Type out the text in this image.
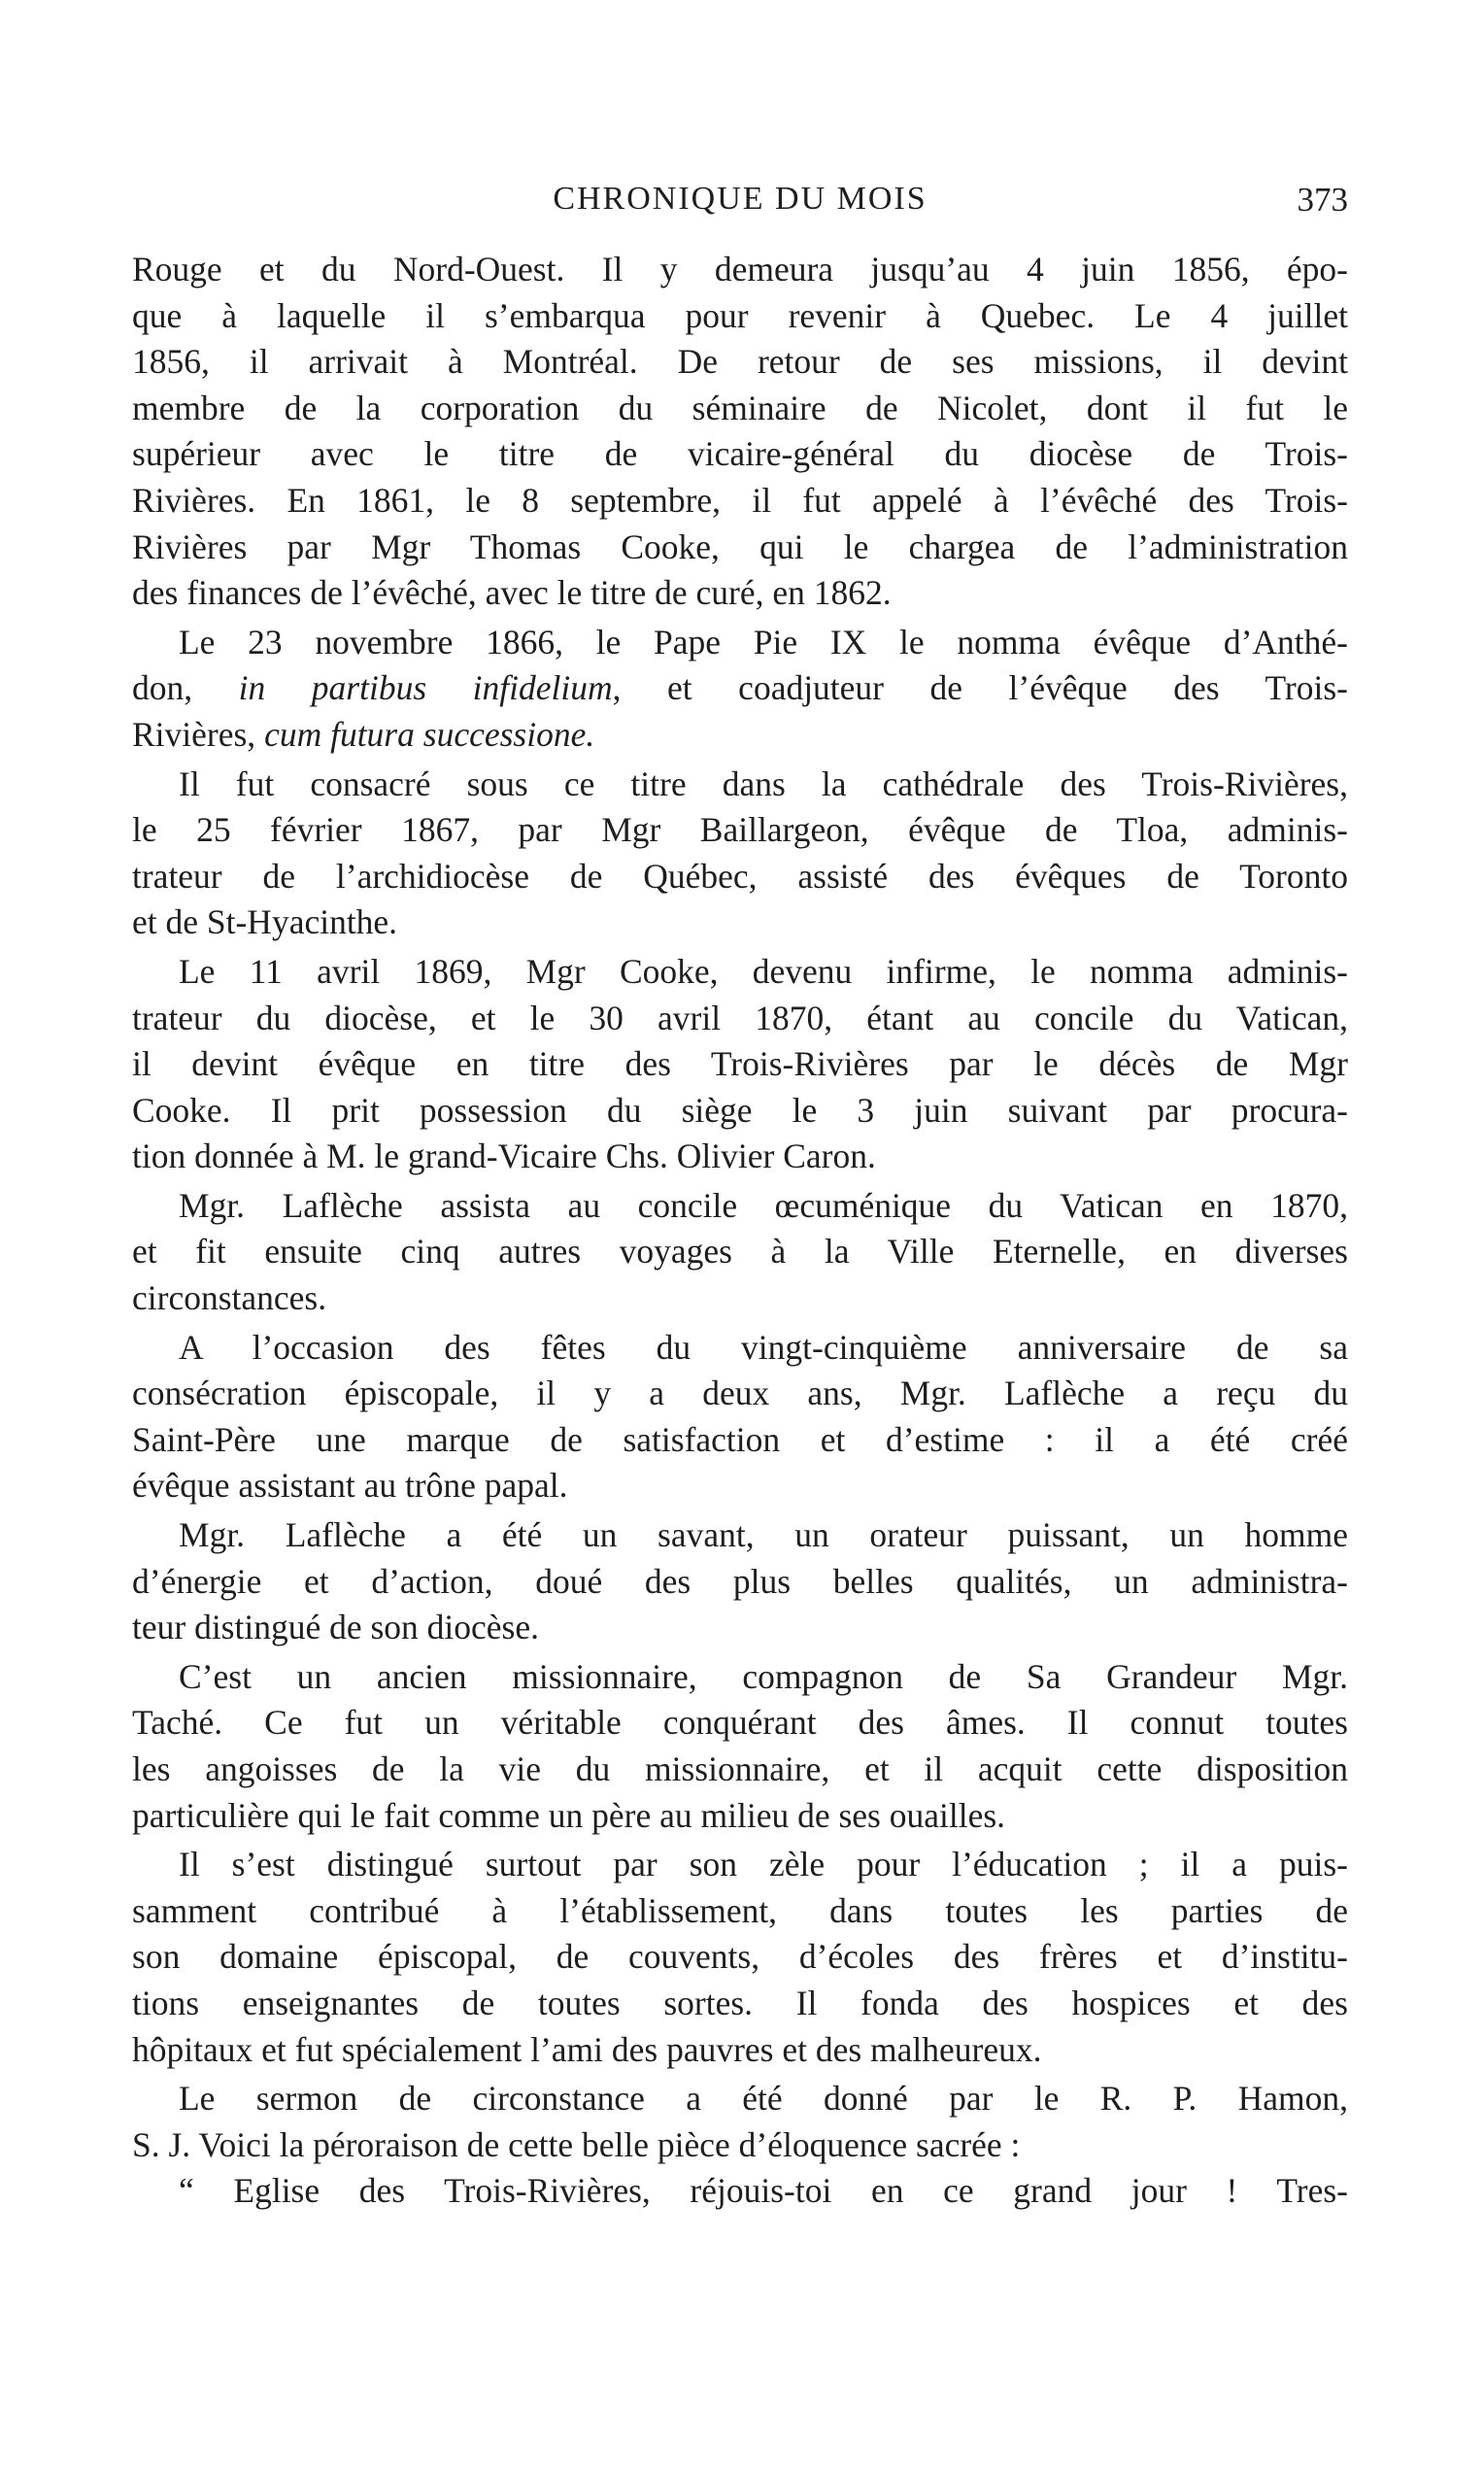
CHRONIQUE DU MOIS	373
Rouge et du Nord-Ouest. Il y demeura jusqu’au 4 juin 1856, épo-
que à laquelle il s’embarqua pour revenir à Quebec. Le 4 juillet
1856, il arrivait à Montréal. De retour de ses missions, il devint
membre de la corporation du séminaire de Nicolet, dont il fut le
supérieur avec le titre de vicaire-général du diocèse de Trois-
Rivières. En 1861, le 8 septembre, il fut appelé à l’évêché des Trois-
Rivières par Mgr Thomas Cooke, qui le chargea de l’administration
des finances de l’évêché, avec le titre de curé, en 1862.
Le 23 novembre 1866, le Pape Pie IX le nomma évêque d’Anthé-
don, in partibus infidelium, et coadjuteur de l’évêque des Trois-
Rivières, cum futura successione.
Il fut consacré sous ce titre dans la cathédrale des Trois-Rivières,
le 25 février 1867, par Mgr Baillargeon, évêque de Tloa, adminis-
trateur de l’archidiocèse de Québec, assisté des évêques de Toronto
et de St-Hyacinthe.
Le 11 avril 1869, Mgr Cooke, devenu infirme, le nomma adminis-
trateur du diocèse, et le 30 avril 1870, étant au concile du Vatican,
il devint évêque en titre des Trois-Rivières par le décès de Mgr
Cooke. Il prit possession du siège le 3 juin suivant par procura-
tion donnée à M. le grand-Vicaire Chs. Olivier Caron.
Mgr. Laflèche assista au concile œcuménique du Vatican en 1870,
et fit ensuite cinq autres voyages à la Ville Eternelle, en diverses
circonstances.
A l’occasion des fêtes du vingt-cinquième anniversaire de sa
consécration épiscopale, il y a deux ans, Mgr. Laflèche a reçu du
Saint-Père une marque de satisfaction et d’estime : il a été créé
évêque assistant au trône papal.
Mgr. Laflèche a été un savant, un orateur puissant, un homme
d’énergie et d’action, doué des plus belles qualités, un administra-
teur distingué de son diocèse.
C’est un ancien missionnaire, compagnon de Sa Grandeur Mgr.
Taché. Ce fut un véritable conquérant des âmes. Il connut toutes
les angoisses de la vie du missionnaire, et il acquit cette disposition
particulière qui le fait comme un père au milieu de ses ouailles.
Il s’est distingué surtout par son zèle pour l’éducation ; il a puis-
samment contribué à l’établissement, dans toutes les parties de
son domaine épiscopal, de couvents, d’écoles des frères et d’institu-
tions enseignantes de toutes sortes. Il fonda des hospices et des
hôpitaux et fut spécialement l’ami des pauvres et des malheureux.
Le sermon de circonstance a été donné par le R. P. Hamon,
S. J. Voici la péroraison de cette belle pièce d’éloquence sacrée :
“ Eglise des Trois-Rivières, réjouis-toi en ce grand jour ! Tres-
